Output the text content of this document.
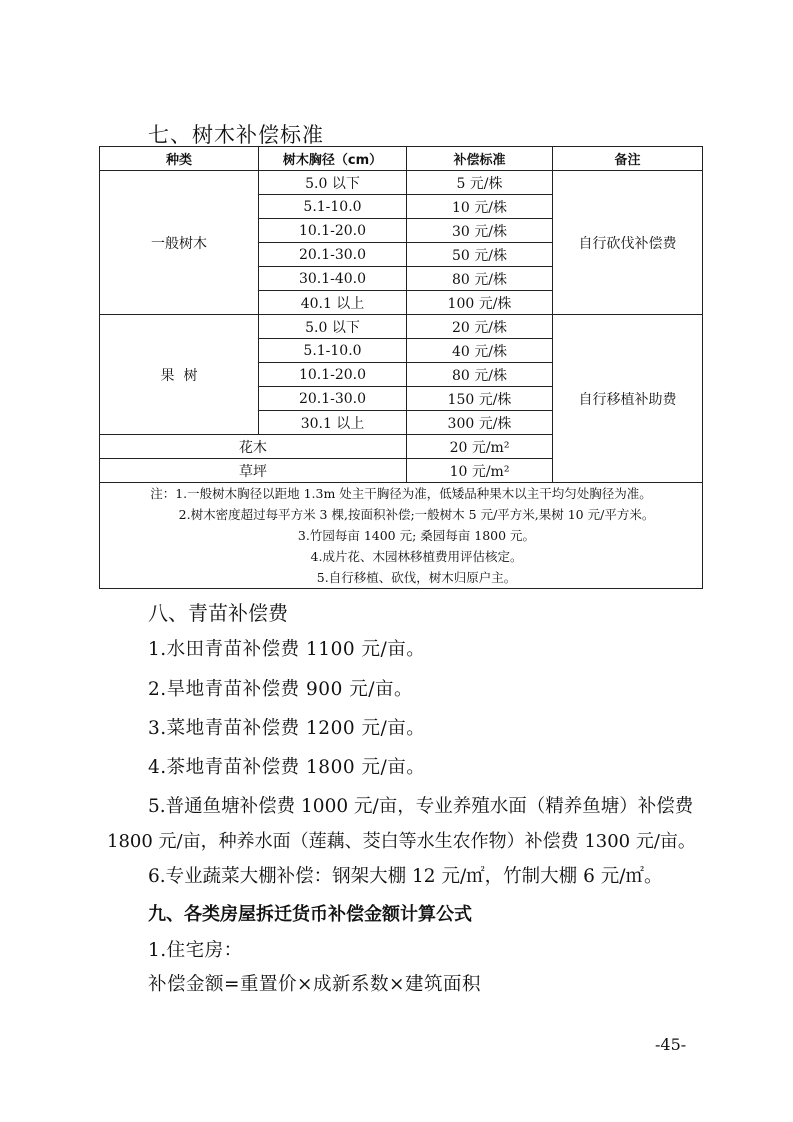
七、树木补偿标准
种类	树木胸径（cm）	补偿标准	备注
一般树木	5.0 以下	5 元/株	自行砍伐补偿费
	5.1-10.0	10 元/株	
	10.1-20.0	30 元/株	
	20.1-30.0	50 元/株	
	30.1-40.0	80 元/株	
	40.1 以上	100 元/株	
果  树	5.0 以下	20 元/株	自行移植补助费
	5.1-10.0	40 元/株	
	10.1-20.0	80 元/株	
	20.1-30.0	150 元/株	
	30.1 以上	300 元/株	
花木		20 元/m²	
草坪		10 元/m²	

注：1.一般树木胸径以距地 1.3m 处主干胸径为准，低矮品种果木以主干均匀处胸径为准。
2.树木密度超过每平方米 3 棵,按面积补偿;一般树木 5 元/平方米,果树 10 元/平方米。
3.竹园每亩 1400 元; 桑园每亩 1800 元。
4.成片花、木园林移植费用评估核定。
5.自行移植、砍伐，树木归原户主。			
八、青苗补偿费
1.水田青苗补偿费 1100 元/亩。
2.旱地青苗补偿费 900 元/亩。
3.菜地青苗补偿费 1200 元/亩。
4.茶地青苗补偿费 1800 元/亩。
5.普通鱼塘补偿费 1000 元/亩，专业养殖水面（精养鱼塘）补偿费
1800 元/亩，种养水面（莲藕、茭白等水生农作物）补偿费 1300 元/亩。
6.专业蔬菜大棚补偿：钢架大棚 12 元/㎡，竹制大棚 6 元/㎡。
九、各类房屋拆迁货币补偿金额计算公式
1.住宅房：
补偿金额=重置价×成新系数×建筑面积
-45-
